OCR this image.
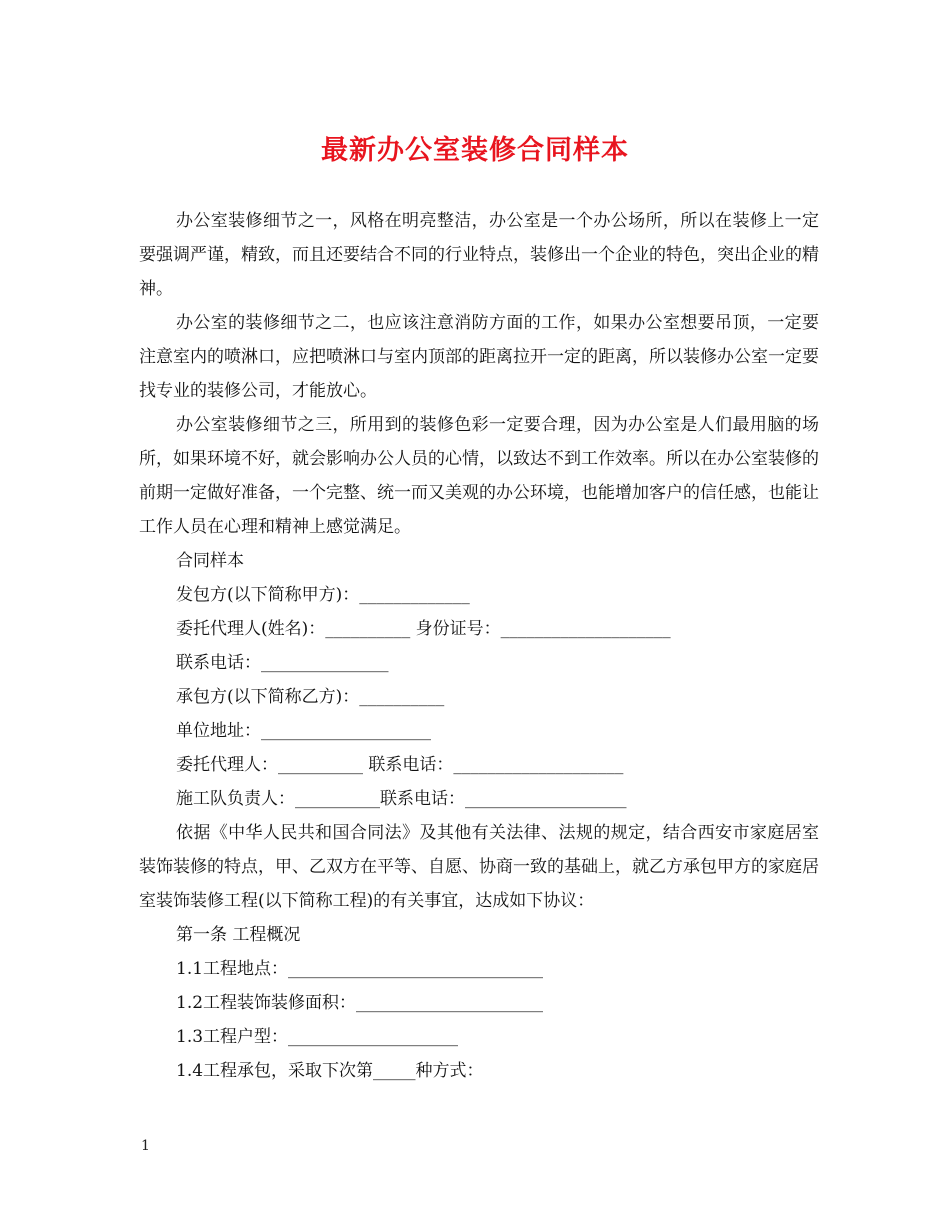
最新办公室装修合同样本

办公室装修细节之一，风格在明亮整洁，办公室是一个办公场所，所以在装修上一定要强调严谨，精致，而且还要结合不同的行业特点，装修出一个企业的特色，突出企业的精神。

办公室的装修细节之二，也应该注意消防方面的工作，如果办公室想要吊顶，一定要注意室内的喷淋口，应把喷淋口与室内顶部的距离拉开一定的距离，所以装修办公室一定要找专业的装修公司，才能放心。

办公室装修细节之三，所用到的装修色彩一定要合理，因为办公室是人们最用脑的场所，如果环境不好，就会影响办公人员的心情，以致达不到工作效率。所以在办公室装修的前期一定做好准备，一个完整、统一而又美观的办公环境，也能增加客户的信任感，也能让工作人员在心理和精神上感觉满足。

合同样本

发包方(以下简称甲方)：_____________

委托代理人(姓名)：__________ 身份证号：____________________

联系电话：_______________

承包方(以下简称乙方)：__________

单位地址：____________________

委托代理人：__________ 联系电话：____________________

施工队负责人：__________联系电话：___________________

依据《中华人民共和国合同法》及其他有关法律、法规的规定，结合西安市家庭居室装饰装修的特点，甲、乙双方在平等、自愿、协商一致的基础上，就乙方承包甲方的家庭居室装饰装修工程(以下简称工程)的有关事宜，达成如下协议：

第一条 工程概况

1.1工程地点：______________________________

1.2工程装饰装修面积：______________________

1.3工程户型：____________________

1.4工程承包，采取下次第_____种方式：

1
